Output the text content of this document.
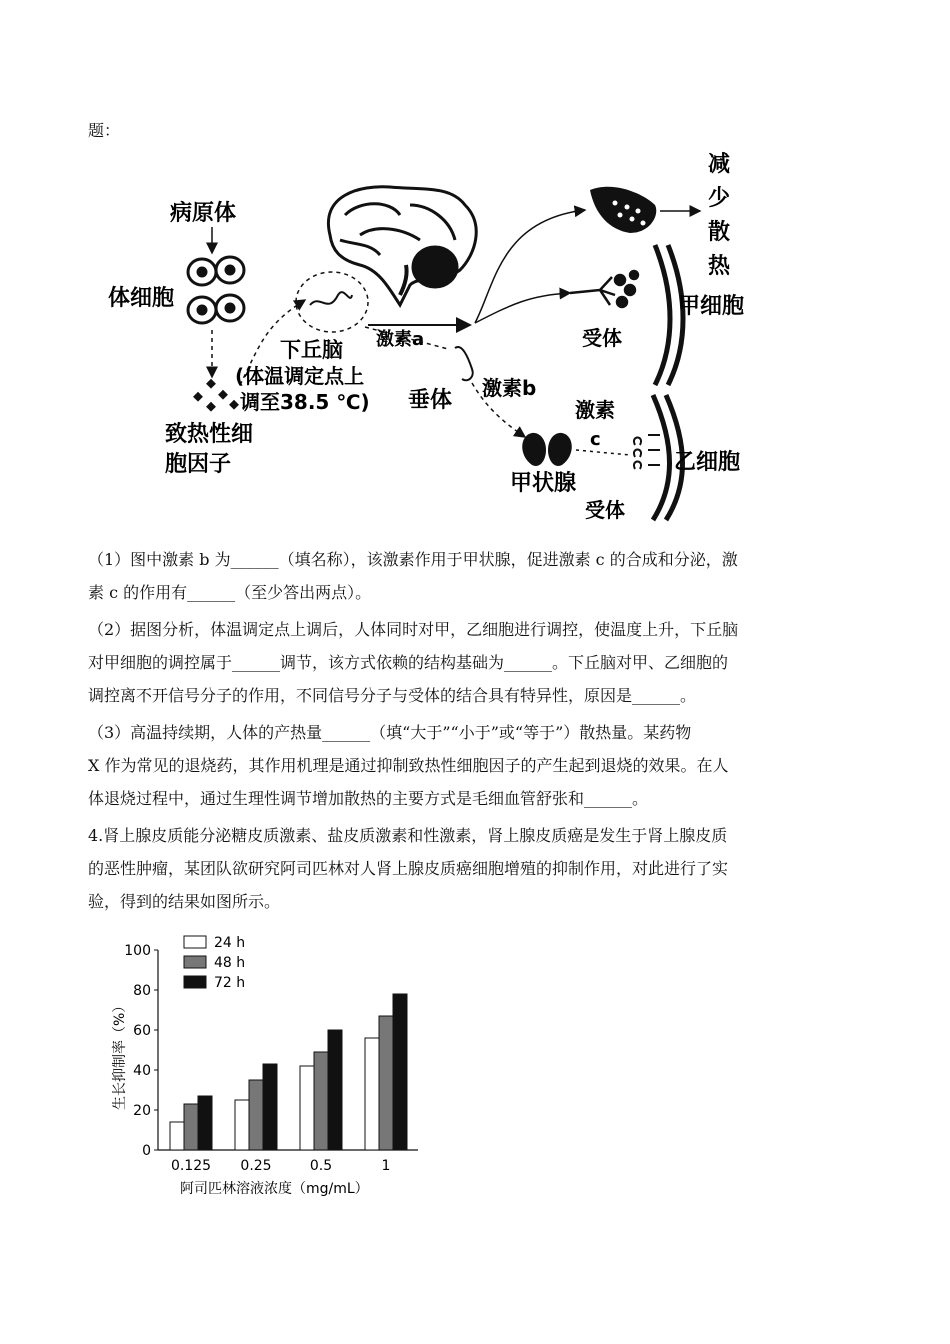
题：
病原体
体细胞
致热性细
胞因子
下丘脑
(体温调定点上
调至38.5 ℃)
激素a
垂体 激素b
减
少
散
热
甲细胞
受体
甲状腺
c
激素
乙细胞
受体
（1）图中激素 b 为______（填名称），该激素作用于甲状腺，促进激素 c 的合成和分泌，激
素 c 的作用有______（至少答出两点）。
（2）据图分析，体温调定点上调后，人体同时对甲，乙细胞进行调控，使温度上升，下丘脑
对甲细胞的调控属于______调节，该方式依赖的结构基础为______。下丘脑对甲、乙细胞的
调控离不开信号分子的作用，不同信号分子与受体的结合具有特异性，原因是______。
（3）高温持续期，人体的产热量______（填“大于”“小于”或“等于”）散热量。某药物
X 作为常见的退烧药，其作用机理是通过抑制致热性细胞因子的产生起到退烧的效果。在人
体退烧过程中，通过生理性调节增加散热的主要方式是毛细血管舒张和______。
4.肾上腺皮质能分泌糖皮质激素、盐皮质激素和性激素，肾上腺皮质癌是发生于肾上腺皮质
的恶性肿瘤，某团队欲研究阿司匹林对人肾上腺皮质癌细胞增殖的抑制作用，对此进行了实
验，得到的结果如图所示。
0
20
40
60
80
100
0.125 0.25	0.5	1
24 h
48 h
72 h
阿司匹林溶液浓度（mg/mL）
生长抑制率（%）
